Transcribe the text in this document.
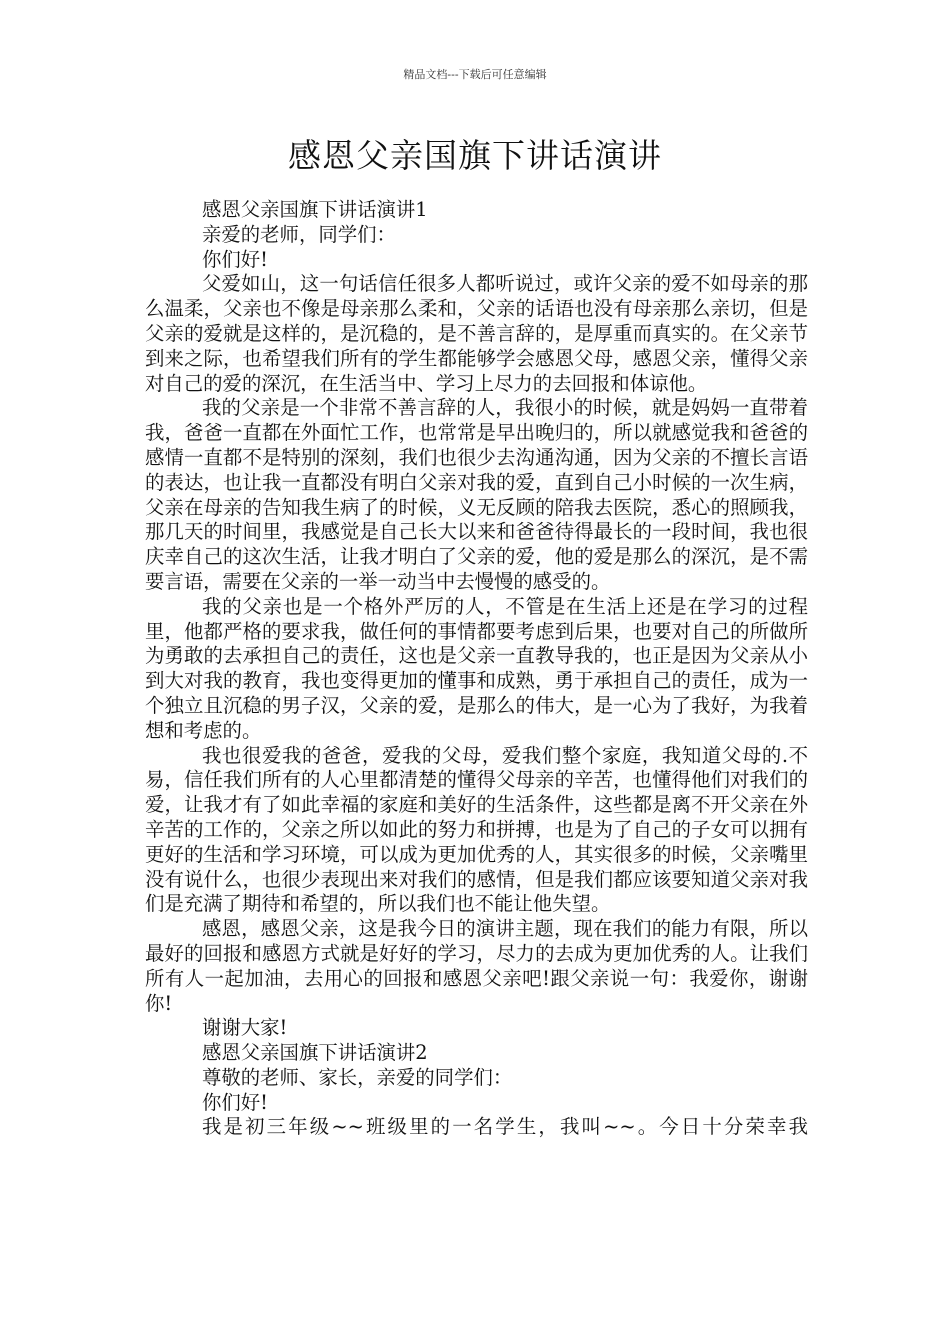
精品文档---下载后可任意编辑
感恩父亲国旗下讲话演讲

感恩父亲国旗下讲话演讲1

亲爱的老师，同学们：

你们好!

父爱如山，这一句话信任很多人都听说过，或许父亲的爱不如母亲的那么温柔，父亲也不像是母亲那么柔和，父亲的话语也没有母亲那么亲切，但是父亲的爱就是这样的，是沉稳的，是不善言辞的，是厚重而真实的。在父亲节到来之际，也希望我们所有的学生都能够学会感恩父母，感恩父亲，懂得父亲对自己的爱的深沉，在生活当中、学习上尽力的去回报和体谅他。

我的父亲是一个非常不善言辞的人，我很小的时候，就是妈妈一直带着我，爸爸一直都在外面忙工作，也常常是早出晚归的，所以就感觉我和爸爸的感情一直都不是特别的深刻，我们也很少去沟通沟通，因为父亲的不擅长言语的表达，也让我一直都没有明白父亲对我的爱，直到自己小时候的一次生病，父亲在母亲的告知我生病了的时候，义无反顾的陪我去医院，悉心的照顾我，那几天的时间里，我感觉是自己长大以来和爸爸待得最长的一段时间，我也很庆幸自己的这次生活，让我才明白了父亲的爱，他的爱是那么的深沉，是不需要言语，需要在父亲的一举一动当中去慢慢的感受的。

我的父亲也是一个格外严厉的人，不管是在生活上还是在学习的过程里，他都严格的要求我，做任何的事情都要考虑到后果，也要对自己的所做所为勇敢的去承担自己的责任，这也是父亲一直教导我的，也正是因为父亲从小到大对我的教育，我也变得更加的懂事和成熟，勇于承担自己的责任，成为一个独立且沉稳的男子汉，父亲的爱，是那么的伟大，是一心为了我好，为我着想和考虑的。

我也很爱我的爸爸，爱我的父母，爱我们整个家庭，我知道父母的.不易，信任我们所有的人心里都清楚的懂得父母亲的辛苦，也懂得他们对我们的爱，让我才有了如此幸福的家庭和美好的生活条件，这些都是离不开父亲在外辛苦的工作的，父亲之所以如此的努力和拼搏，也是为了自己的子女可以拥有更好的生活和学习环境，可以成为更加优秀的人，其实很多的时候，父亲嘴里没有说什么，也很少表现出来对我们的感情，但是我们都应该要知道父亲对我们是充满了期待和希望的，所以我们也不能让他失望。

感恩，感恩父亲，这是我今日的演讲主题，现在我们的能力有限，所以最好的回报和感恩方式就是好好的学习，尽力的去成为更加优秀的人。让我们所有人一起加油，去用心的回报和感恩父亲吧!跟父亲说一句：我爱你，谢谢你!

谢谢大家!

感恩父亲国旗下讲话演讲2

尊敬的老师、家长，亲爱的同学们：

你们好!

我是初三年级~~班级里的一名学生，我叫~~。今日十分荣幸我
